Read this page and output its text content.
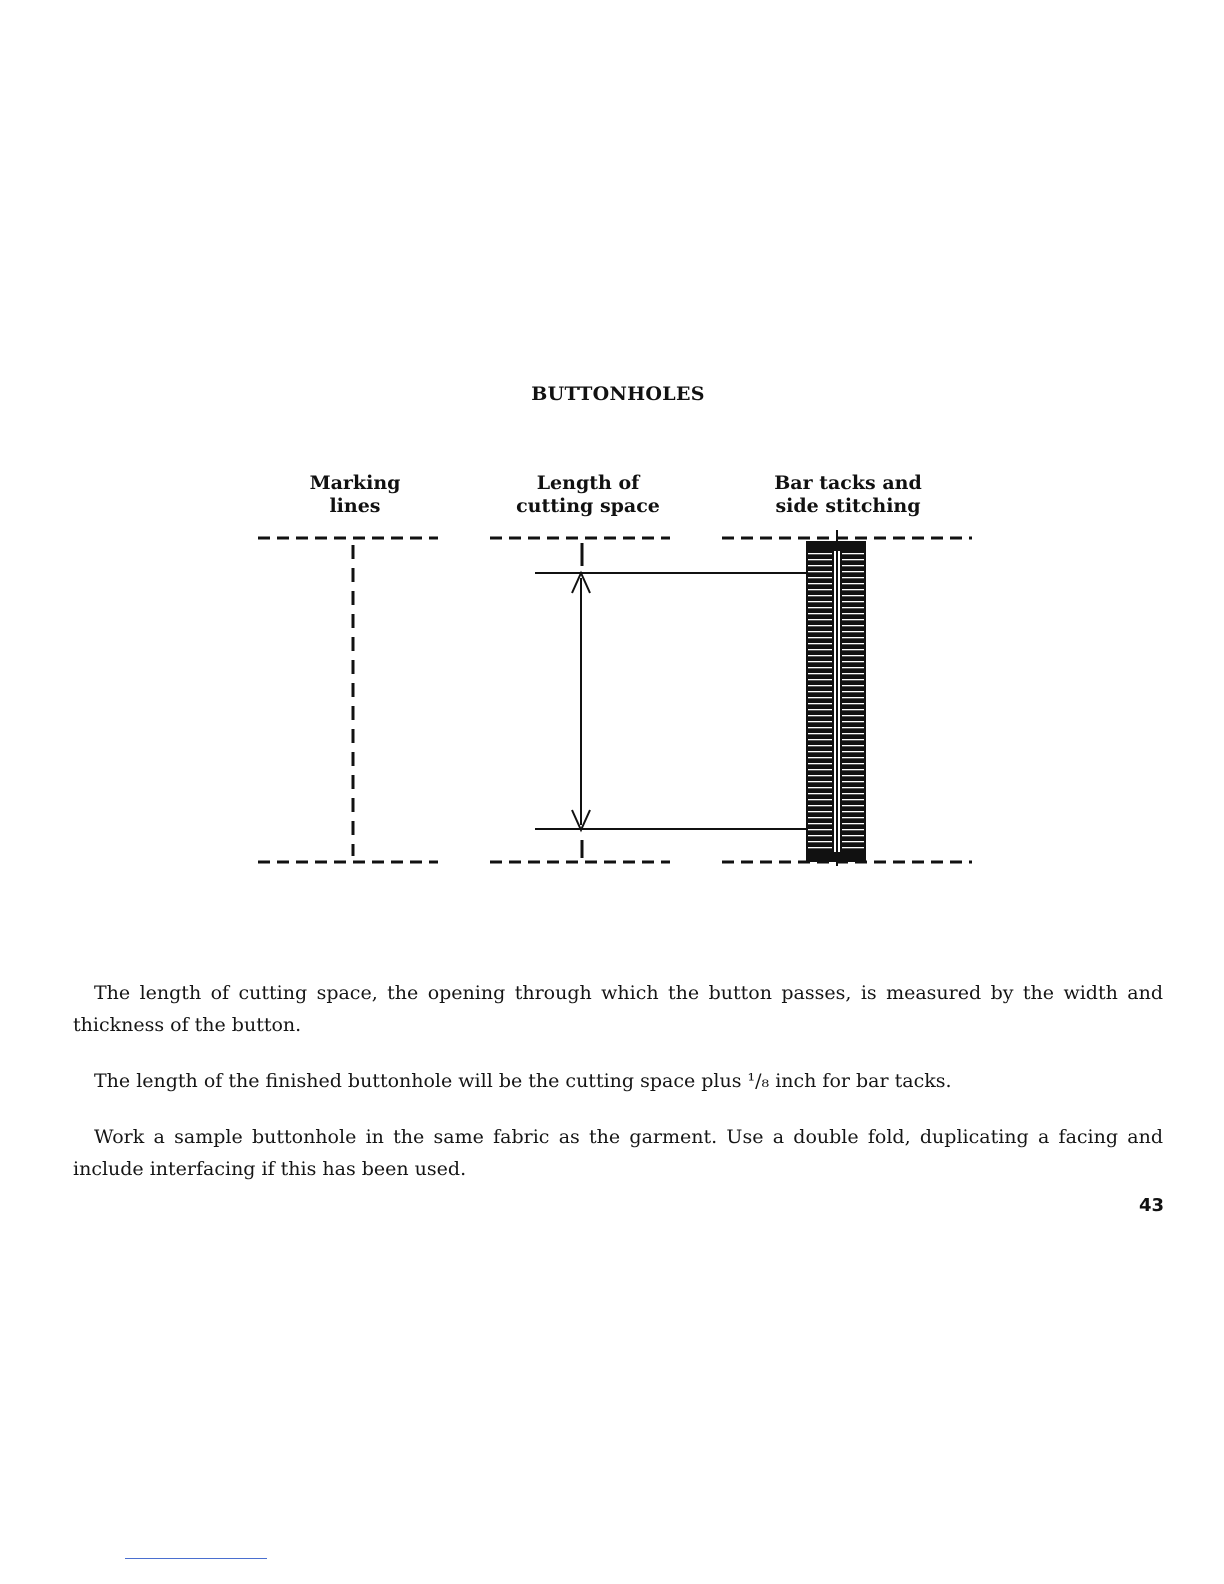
BUTTONHOLES
Marking
lines
Length of
cutting space
Bar tacks and
side stitching

The length of cutting space, the opening through which the button passes, is measured by the width and thickness of the button.

The length of the finished buttonhole will be the cutting space plus ¹/₈ inch for bar tacks.

Work a sample buttonhole in the same fabric as the garment. Use a double fold, duplicating a facing and include interfacing if this has been used.

43
